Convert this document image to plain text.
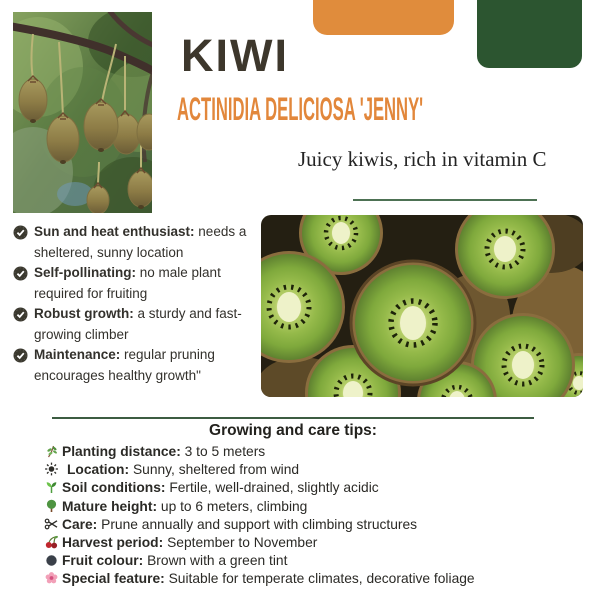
KIWI
ACTINIDIA DELICIOSA 'JENNY'
Juicy kiwis, rich in vitamin C
Sun and heat enthusiast: needs a sheltered, sunny location
Self-pollinating: no male plant required for fruiting
Robust growth: a sturdy and fast-growing climber
Maintenance: regular pruning encourages healthy growth"
Growing and care tips:
Planting distance: 3 to 5 meters
Location: Sunny, sheltered from wind
Soil conditions: Fertile, well-drained, slightly acidic
Mature height: up to 6 meters, climbing
Care: Prune annually and support with climbing structures
Harvest period: September to November
Fruit colour: Brown with a green tint
Special feature: Suitable for temperate climates, decorative foliage
